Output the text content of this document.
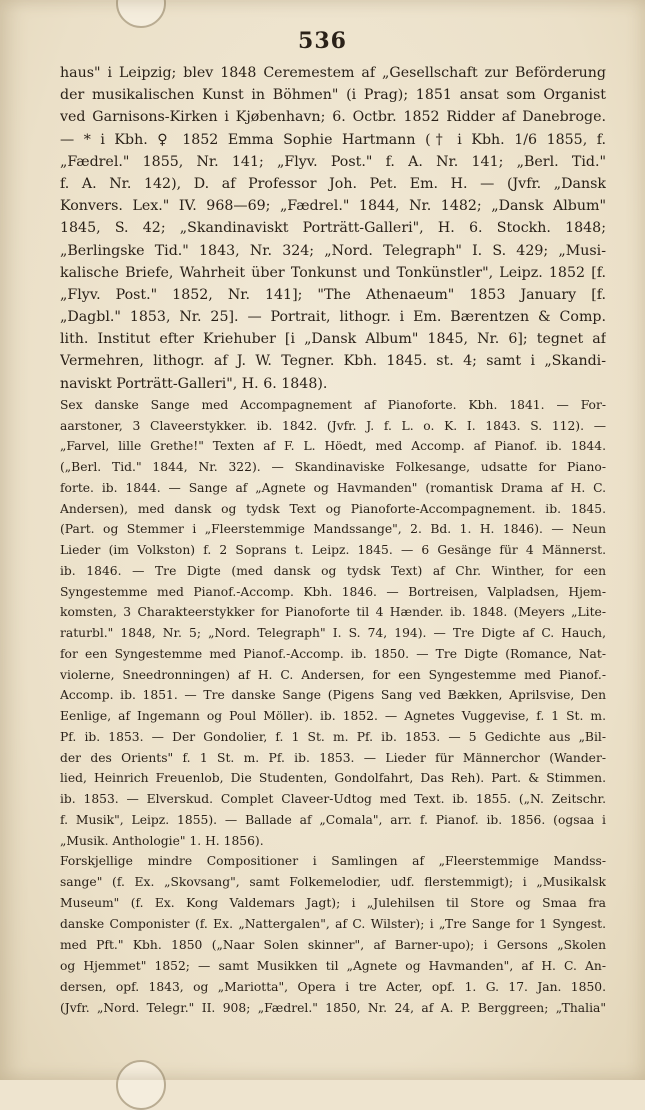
536
haus" i Leipzig; blev 1848 Ceremestem af „Gesellschaft zur Beförderung
der musikalischen Kunst in Böhmen" (i Prag); 1851 ansat som Organist
ved Garnisons-Kirken i Kjøbenhavn; 6. Octbr. 1852 Ridder af Danebroge.
— * i Kbh. ♀ 1852 Emma Sophie Hartmann († i Kbh. 1/6 1855, f.
„Fædrel." 1855, Nr. 141; „Flyv. Post." f. A. Nr. 141; „Berl. Tid."
f. A. Nr. 142), D. af Professor Joh. Pet. Em. H. — (Jvfr. „Dansk
Konvers. Lex." IV. 968—69; „Fædrel." 1844, Nr. 1482; „Dansk Album"
1845, S. 42; „Skandinaviskt Porträtt-Galleri", H. 6. Stockh. 1848;
„Berlingske Tid." 1843, Nr. 324; „Nord. Telegraph" I. S. 429; „Musi-
kalische Briefe, Wahrheit über Tonkunst und Tonkünstler", Leipz. 1852 [f.
„Flyv. Post." 1852, Nr. 141]; "The Athenaeum" 1853 January [f.
„Dagbl." 1853, Nr. 25]. — Portrait, lithogr. i Em. Bærentzen & Comp.
lith. Institut efter Kriehuber [i „Dansk Album" 1845, Nr. 6]; tegnet af
Vermehren, lithogr. af J. W. Tegner. Kbh. 1845. st. 4; samt i „Skandi-
naviskt Porträtt-Galleri", H. 6. 1848).
Sex danske Sange med Accompagnement af Pianoforte. Kbh. 1841. — For-
aarstoner, 3 Claveerstykker. ib. 1842. (Jvfr. J. f. L. o. K. I. 1843. S. 112). —
„Farvel, lille Grethe!" Texten af F. L. Höedt, med Accomp. af Pianof. ib. 1844.
(„Berl. Tid." 1844, Nr. 322). — Skandinaviske Folkesange, udsatte for Piano-
forte. ib. 1844. — Sange af „Agnete og Havmanden" (romantisk Drama af H. C.
Andersen), med dansk og tydsk Text og Pianoforte-Accompagnement. ib. 1845.
(Part. og Stemmer i „Fleerstemmige Mandssange", 2. Bd. 1. H. 1846). — Neun
Lieder (im Volkston) f. 2 Soprans t. Leipz. 1845. — 6 Gesänge für 4 Männerst.
ib. 1846. — Tre Digte (med dansk og tydsk Text) af Chr. Winther, for een
Syngestemme med Pianof.-Accomp. Kbh. 1846. — Bortreisen, Valpladsen, Hjem-
komsten, 3 Charakteerstykker for Pianoforte til 4 Hænder. ib. 1848. (Meyers „Lite-
raturbl." 1848, Nr. 5; „Nord. Telegraph" I. S. 74, 194). — Tre Digte af C. Hauch,
for een Syngestemme med Pianof.-Accomp. ib. 1850. — Tre Digte (Romance, Nat-
violerne, Sneedronningen) af H. C. Andersen, for een Syngestemme med Pianof.-
Accomp. ib. 1851. — Tre danske Sange (Pigens Sang ved Bækken, Aprilsvise, Den
Eenlige, af Ingemann og Poul Möller). ib. 1852. — Agnetes Vuggevise, f. 1 St. m.
Pf. ib. 1853. — Der Gondolier, f. 1 St. m. Pf. ib. 1853. — 5 Gedichte aus „Bil-
der des Orients" f. 1 St. m. Pf. ib. 1853. — Lieder für Männerchor (Wander-
lied, Heinrich Freuenlob, Die Studenten, Gondolfahrt, Das Reh). Part. & Stimmen.
ib. 1853. — Elverskud. Complet Claveer-Udtog med Text. ib. 1855. („N. Zeitschr.
f. Musik", Leipz. 1855). — Ballade af „Comala", arr. f. Pianof. ib. 1856. (ogsaa i
„Musik. Anthologie" 1. H. 1856).
Forskjellige mindre Compositioner i Samlingen af „Fleerstemmige Mandss-
sange" (f. Ex. „Skovsang", samt Folkemelodier, udf. flerstemmigt); i „Musikalsk
Museum" (f. Ex. Kong Valdemars Jagt); i „Julehilsen til Store og Smaa fra
danske Componister (f. Ex. „Nattergalen", af C. Wilster); i „Tre Sange for 1 Syngest.
med Pft." Kbh. 1850 („Naar Solen skinner", af Barner-upo); i Gersons „Skolen
og Hjemmet" 1852; — samt Musikken til „Agnete og Havmanden", af H. C. An-
dersen, opf. 1843, og „Mariotta", Opera i tre Acter, opf. 1. G. 17. Jan. 1850.
(Jvfr. „Nord. Telegr." II. 908; „Fædrel." 1850, Nr. 24, af A. P. Berggreen; „Thalia"
